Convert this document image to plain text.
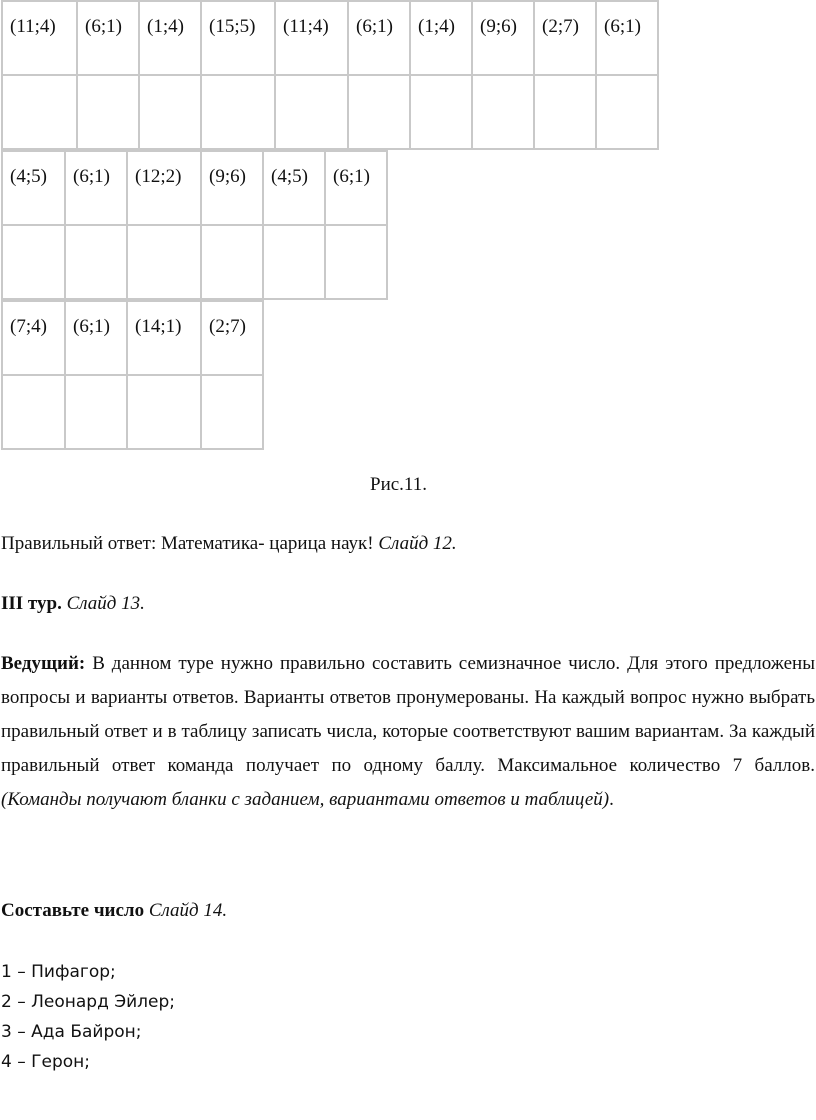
(11;4)	(6;1)	(1;4)	(15;5)	(11;4)	(6;1)	(1;4)	(9;6)	(2;7)	(6;1)

(4;5)	(6;1)	(12;2)	(9;6)	(4;5)	(6;1)

(7;4)	(6;1)	(14;1)	(2;7)

Рис.11.
Правильный ответ: Математика- царица наук! Слайд 12.
III тур. Слайд 13.
Ведущий: В данном туре нужно правильно составить семизначное число. Для этого предложены вопросы и варианты ответов. Варианты ответов пронумерованы. На каждый вопрос нужно выбрать правильный ответ и в таблицу записать числа, которые соответствуют вашим вариантам. За каждый правильный ответ команда получает по одному баллу. Максимальное количество 7 баллов.(Команды получают бланки с заданием, вариантами ответов и таблицей).
Составьте число Слайд 14.
1 – Пифагор;
2 – Леонард Эйлер;
3 – Ада Байрон;
4 – Герон;
